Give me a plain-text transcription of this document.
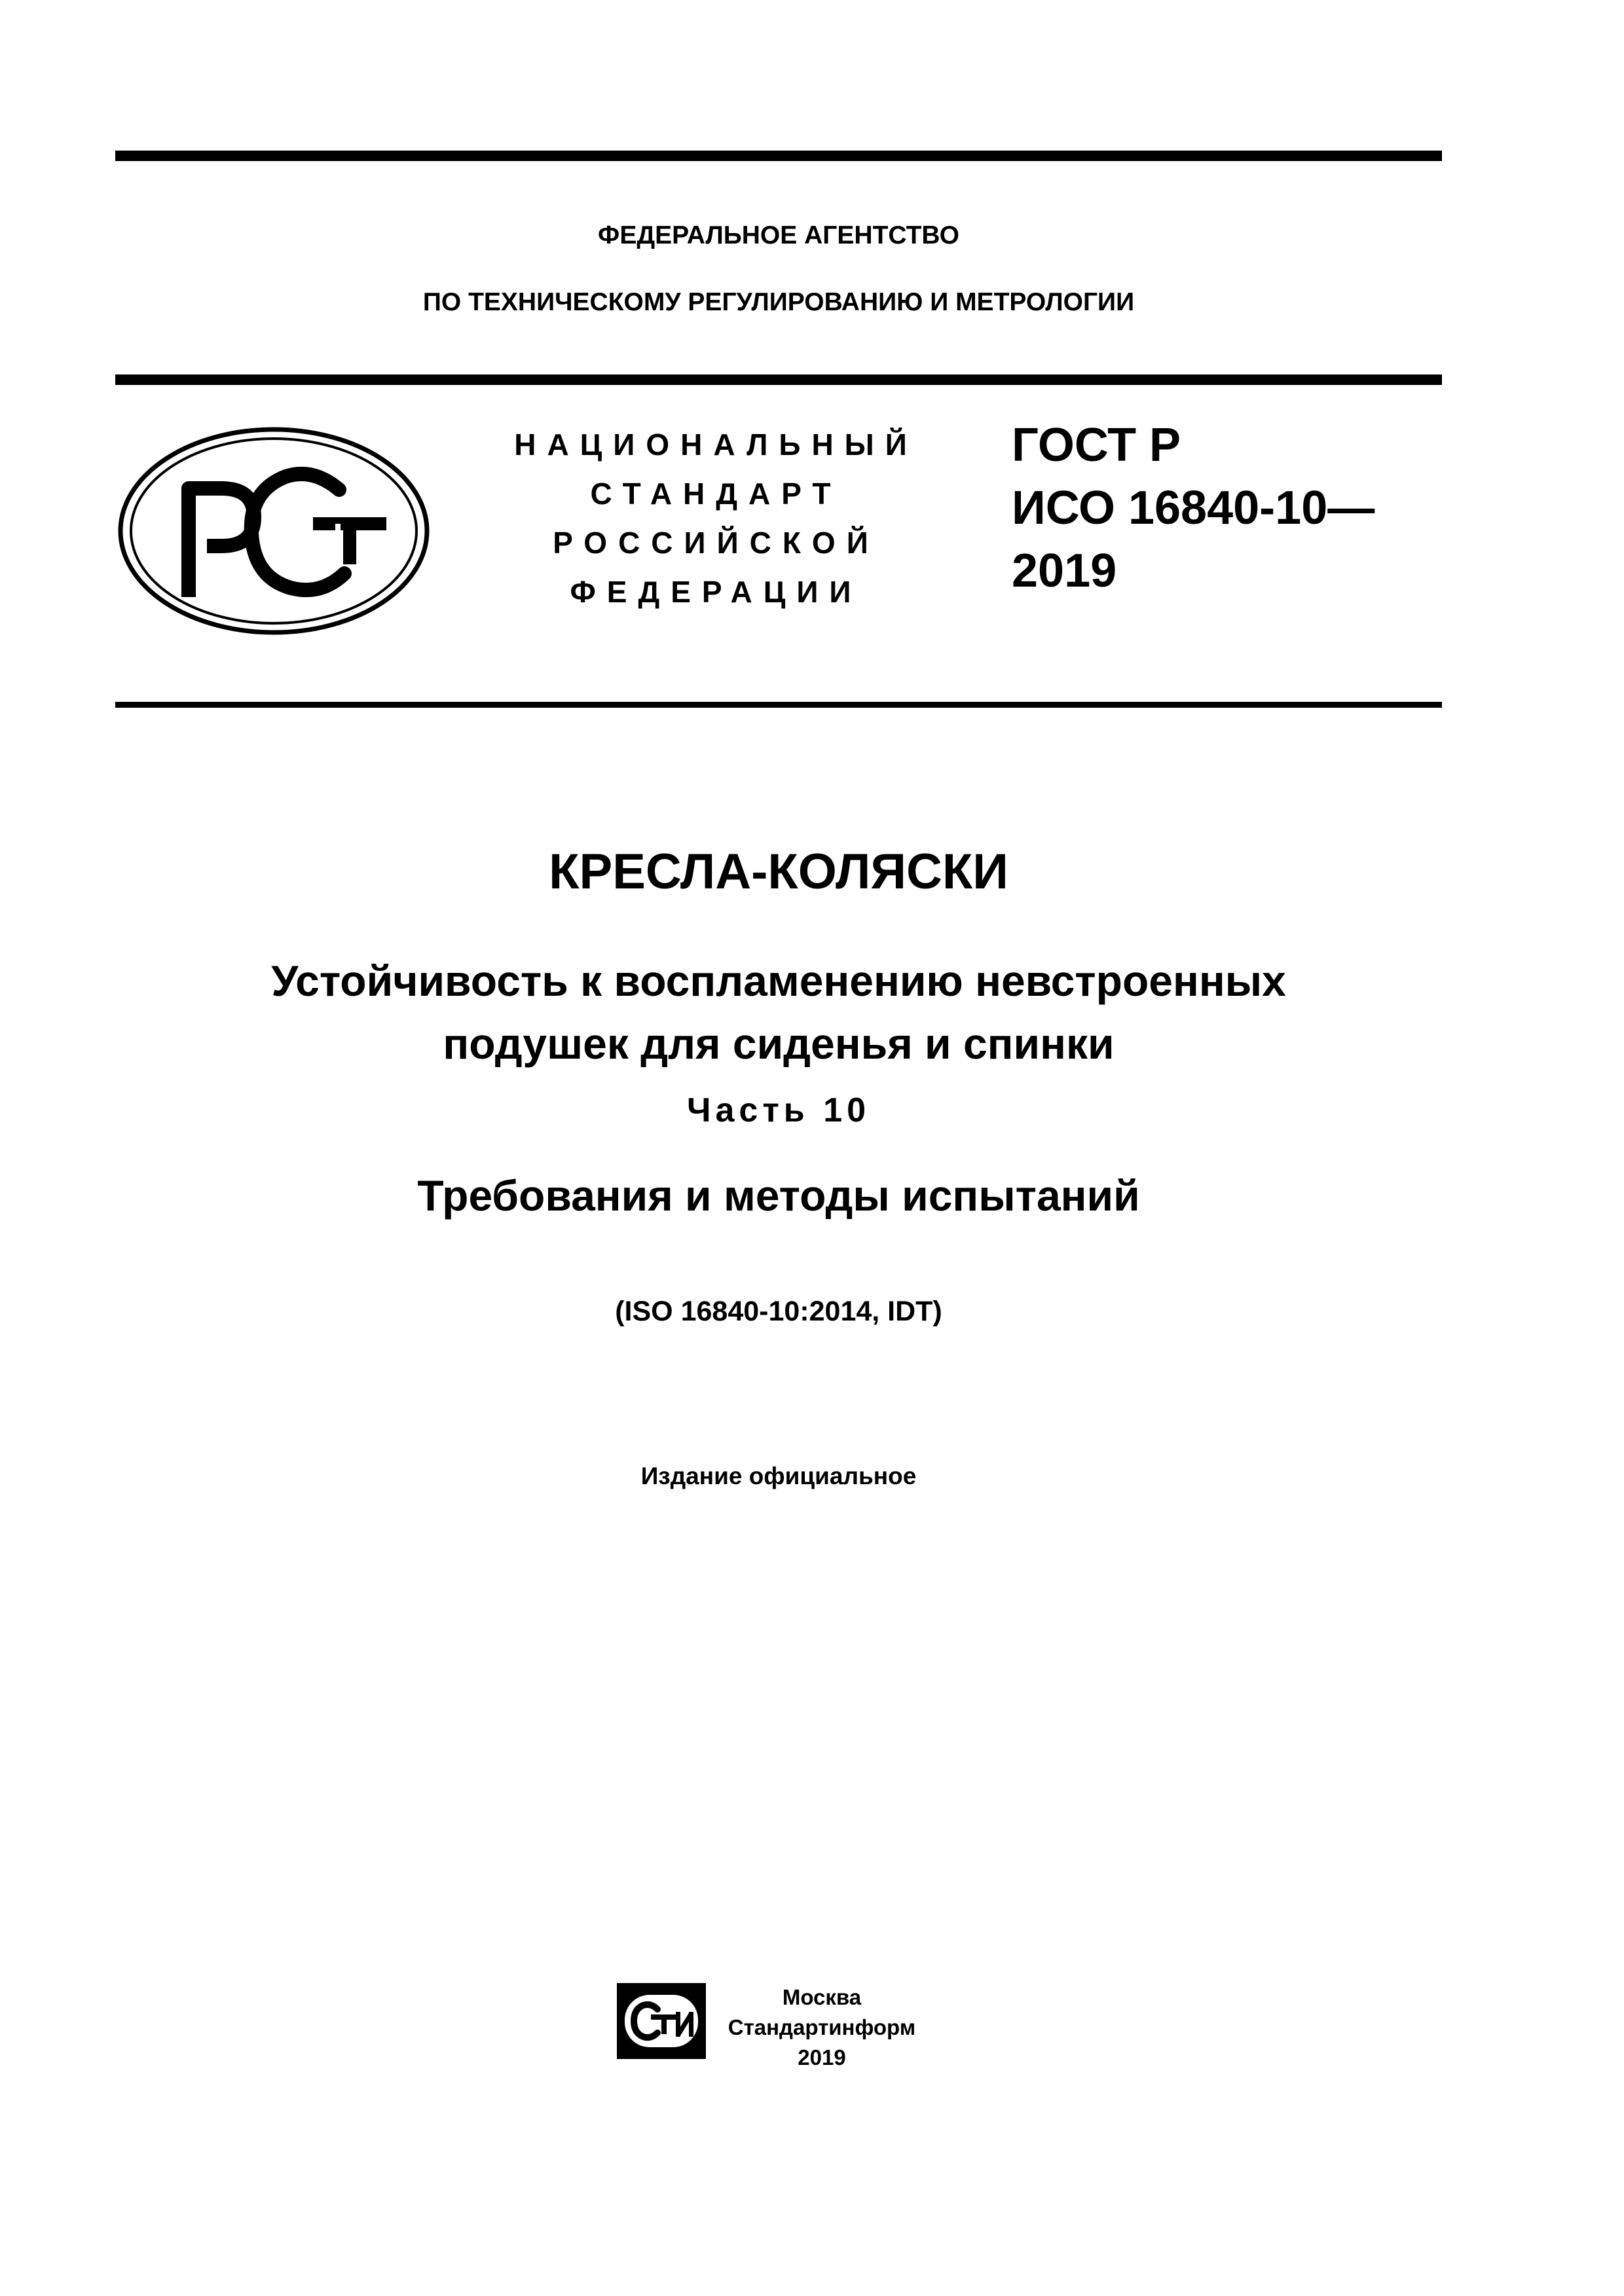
ФЕДЕРАЛЬНОЕ АГЕНТСТВО
ПО ТЕХНИЧЕСКОМУ РЕГУЛИРОВАНИЮ И МЕТРОЛОГИИ
НАЦИОНАЛЬНЫЙ
СТАНДАРТ
РОССИЙСКОЙ
ФЕДЕРАЦИИ
ГОСТ Р
ИСО 16840-10—
2019
КРЕСЛА-КОЛЯСКИ
Устойчивость к воспламенению невстроенных
подушек для сиденья и спинки
Часть 10
Требования и методы испытаний
(ISO 16840-10:2014, IDT)
Издание официальное
Москва
Стандартинформ
2019
